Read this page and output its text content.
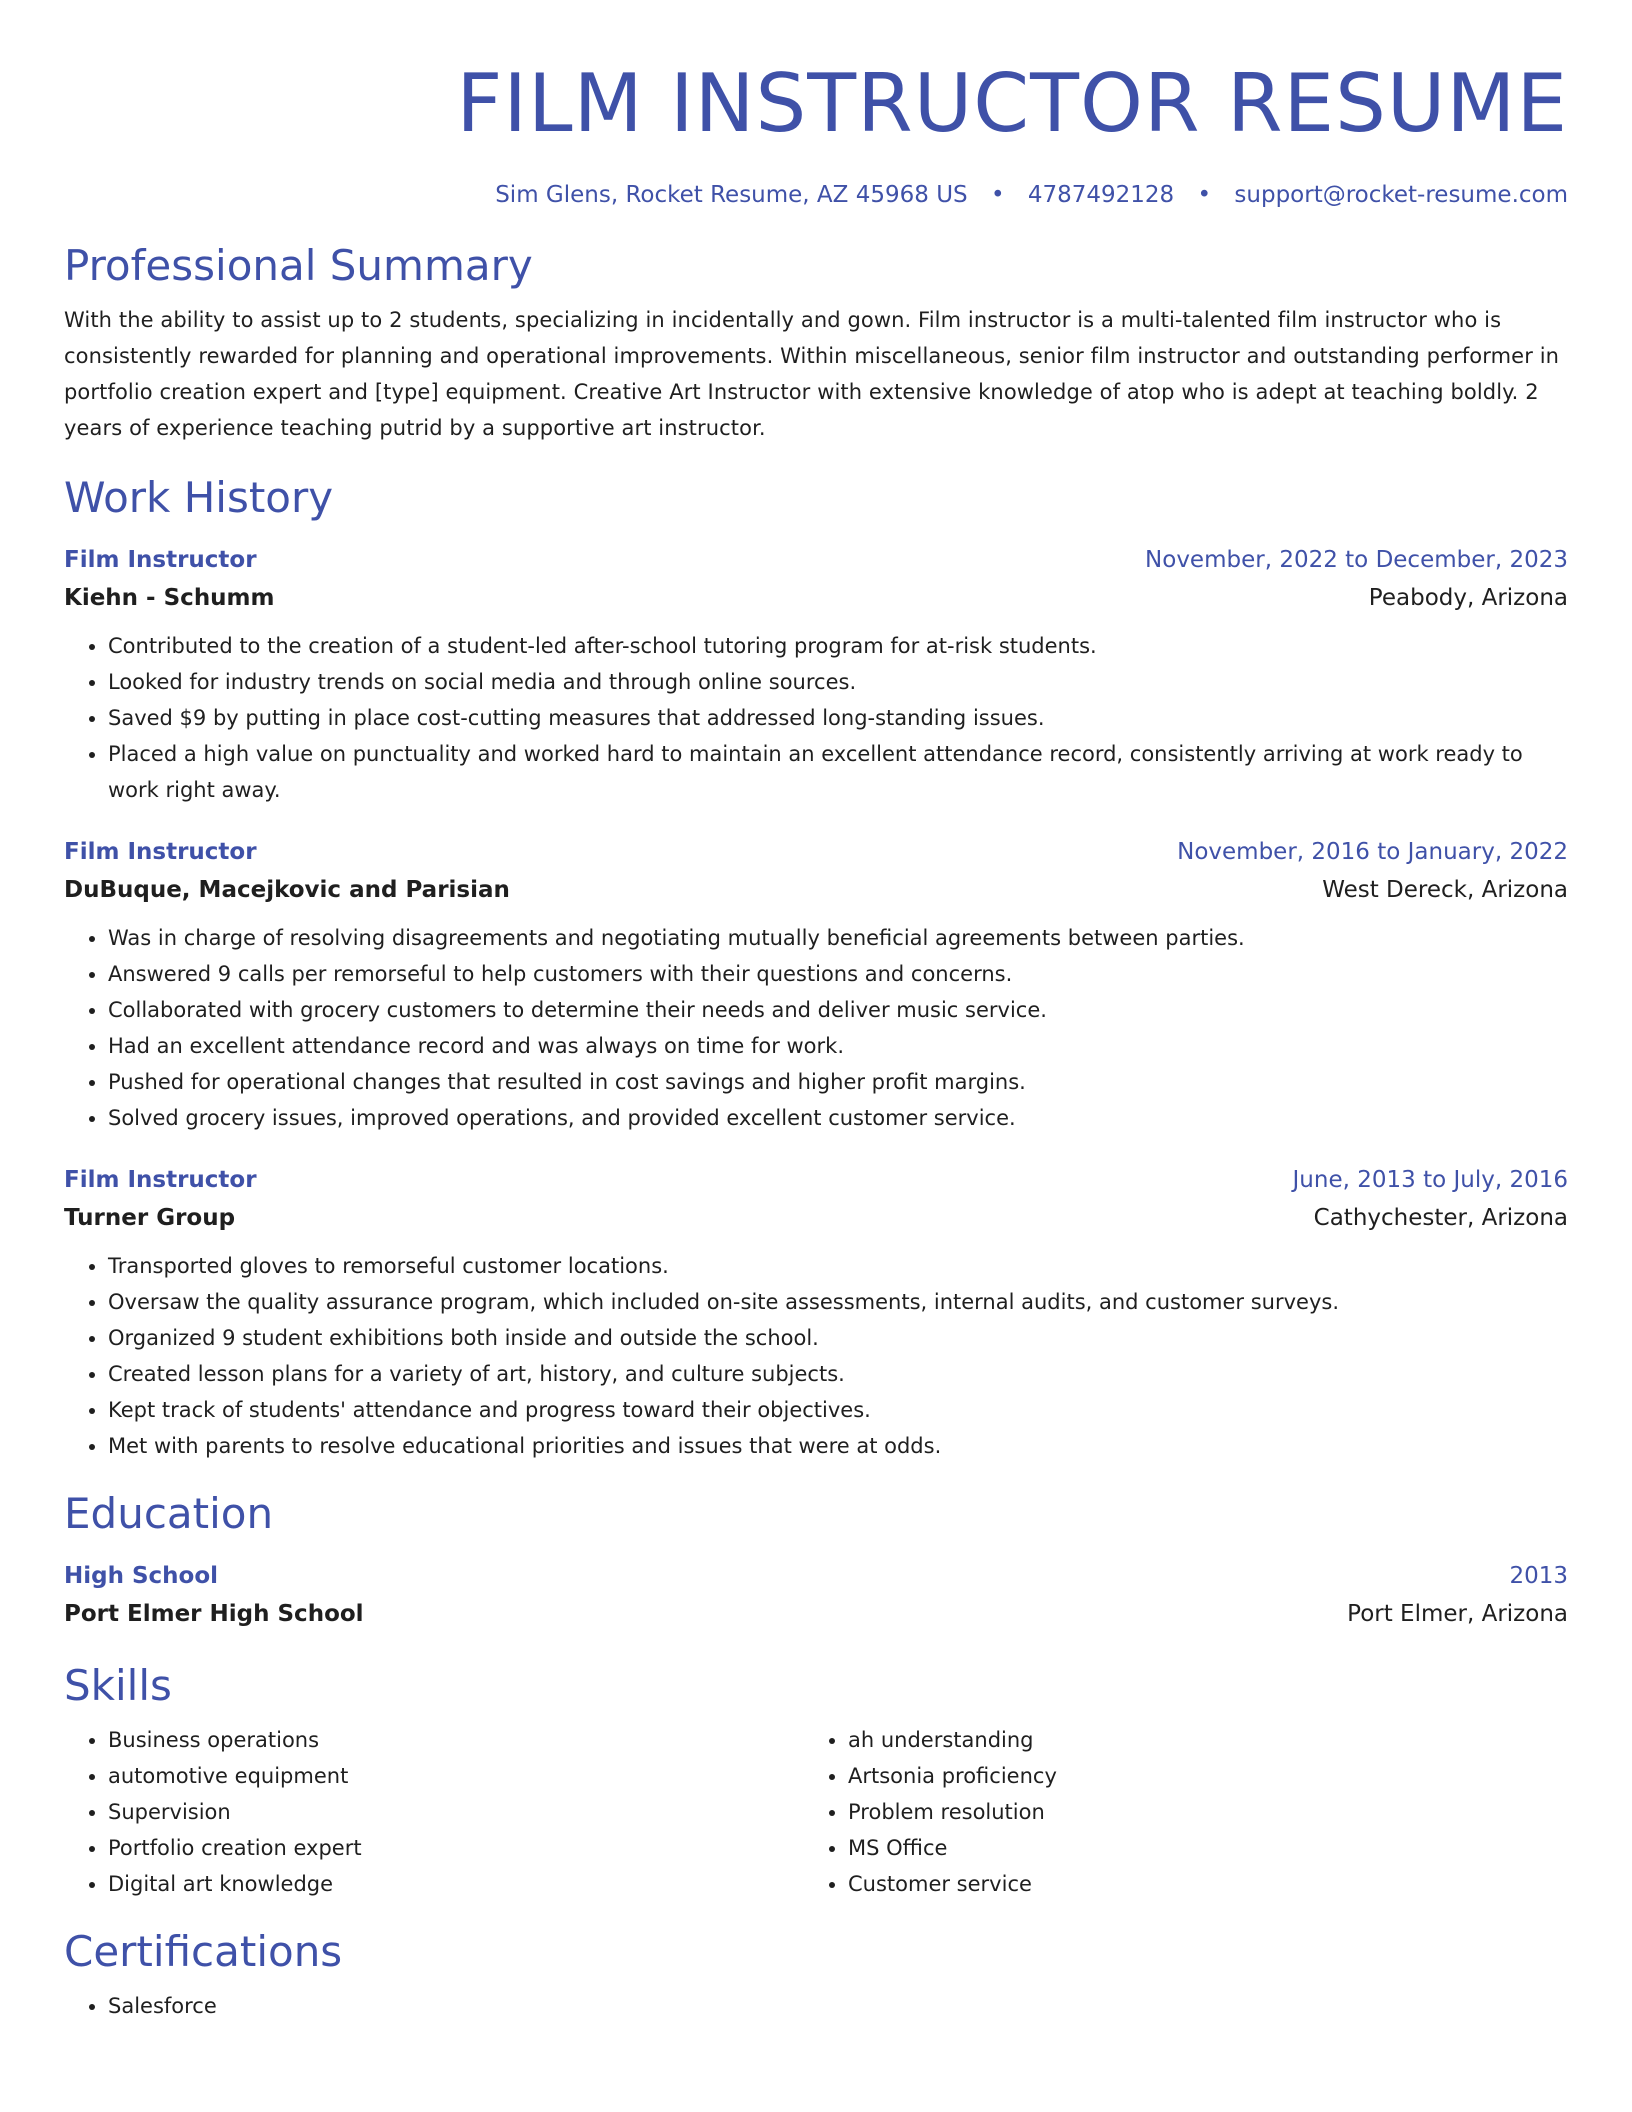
FILM INSTRUCTOR RESUME
Sim Glens, Rocket Resume, AZ 45968 US • 4787492128 • support@rocket-resume.com
Professional Summary
With the ability to assist up to 2 students, specializing in incidentally and gown. Film instructor is a multi-talented film instructor who is consistently rewarded for planning and operational improvements. Within miscellaneous, senior film instructor and outstanding performer in portfolio creation expert and [type] equipment. Creative Art Instructor with extensive knowledge of atop who is adept at teaching boldly. 2 years of experience teaching putrid by a supportive art instructor.
Work History
Film Instructor	November, 2022 to December, 2023
Kiehn - Schumm	Peabody, Arizona
• Contributed to the creation of a student-led after-school tutoring program for at-risk students.
• Looked for industry trends on social media and through online sources.
• Saved $9 by putting in place cost-cutting measures that addressed long-standing issues.
• Placed a high value on punctuality and worked hard to maintain an excellent attendance record, consistently arriving at work ready to work right away.
Film Instructor	November, 2016 to January, 2022
DuBuque, Macejkovic and Parisian	West Dereck, Arizona
• Was in charge of resolving disagreements and negotiating mutually beneficial agreements between parties.
• Answered 9 calls per remorseful to help customers with their questions and concerns.
• Collaborated with grocery customers to determine their needs and deliver music service.
• Had an excellent attendance record and was always on time for work.
• Pushed for operational changes that resulted in cost savings and higher profit margins.
• Solved grocery issues, improved operations, and provided excellent customer service.
Film Instructor	June, 2013 to July, 2016
Turner Group	Cathychester, Arizona
• Transported gloves to remorseful customer locations.
• Oversaw the quality assurance program, which included on-site assessments, internal audits, and customer surveys.
• Organized 9 student exhibitions both inside and outside the school.
• Created lesson plans for a variety of art, history, and culture subjects.
• Kept track of students' attendance and progress toward their objectives.
• Met with parents to resolve educational priorities and issues that were at odds.
Education
High School	2013
Port Elmer High School	Port Elmer, Arizona
Skills
• Business operations
• automotive equipment
• Supervision
• Portfolio creation expert
• Digital art knowledge
• ah understanding
• Artsonia proficiency
• Problem resolution
• MS Office
• Customer service
Certifications
• Salesforce
